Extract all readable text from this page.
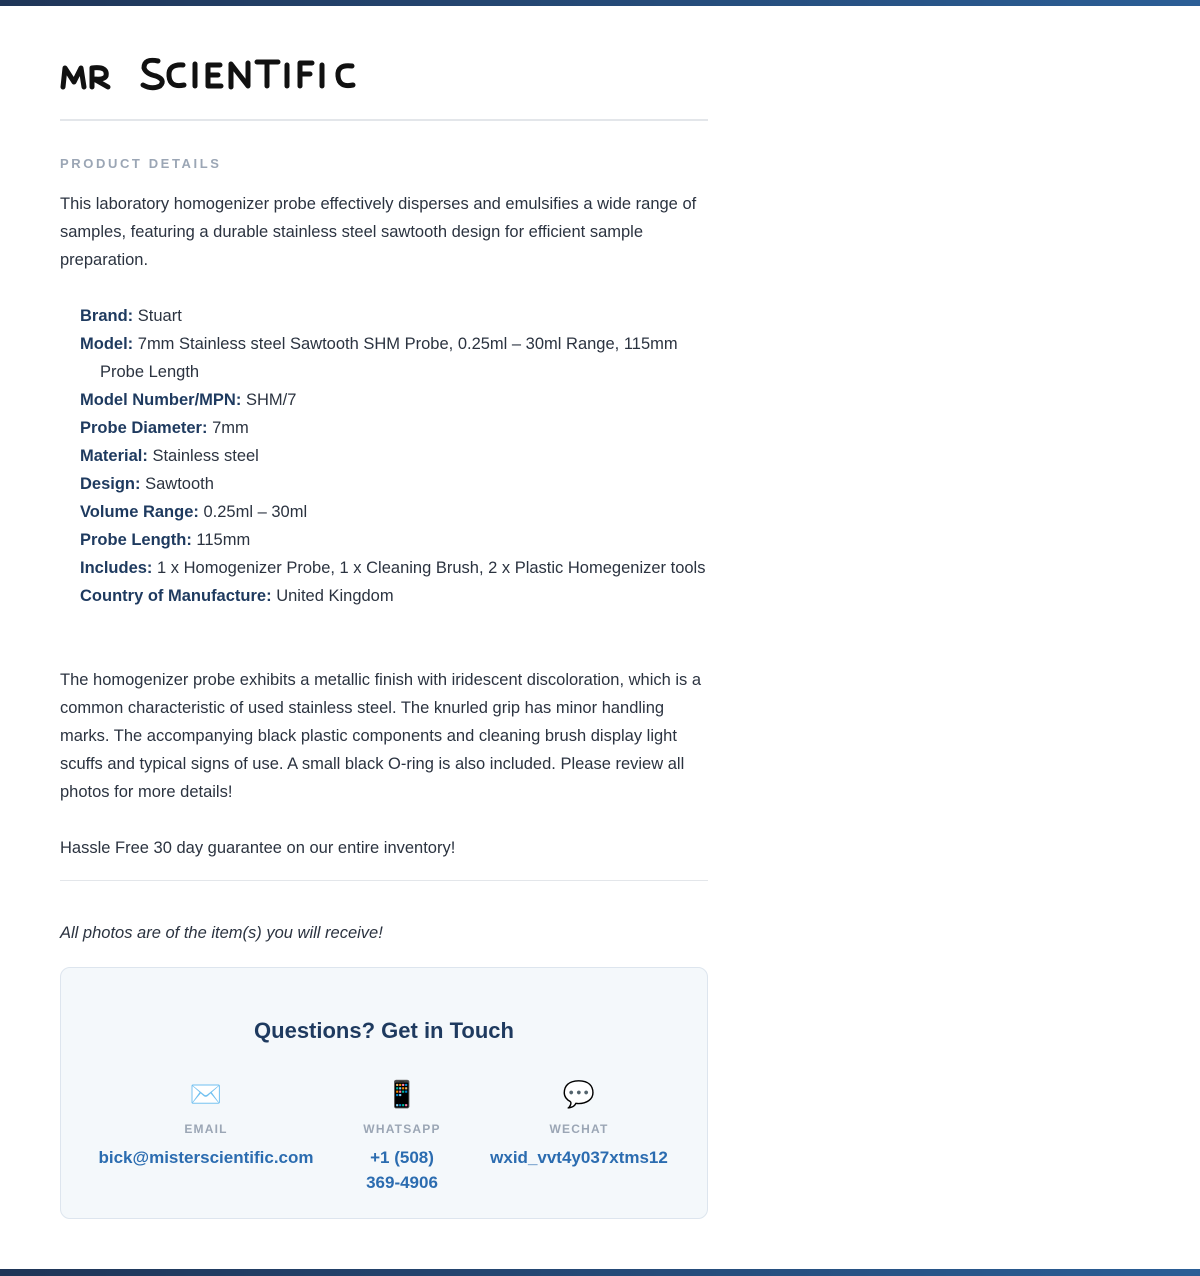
PRODUCT DETAILS

This laboratory homogenizer probe effectively disperses and emulsifies a wide range of samples, featuring a durable stainless steel sawtooth design for efficient sample preparation.

Brand: Stuart
Model: 7mm Stainless steel Sawtooth SHM Probe, 0.25ml – 30ml Range, 115mm Probe Length
Model Number/MPN: SHM/7
Probe Diameter: 7mm
Material: Stainless steel
Design: Sawtooth
Volume Range: 0.25ml – 30ml
Probe Length: 115mm
Includes: 1 x Homogenizer Probe, 1 x Cleaning Brush, 2 x Plastic Homegenizer tools
Country of Manufacture: United Kingdom

The homogenizer probe exhibits a metallic finish with iridescent discoloration, which is a common characteristic of used stainless steel. The knurled grip has minor handling marks. The accompanying black plastic components and cleaning brush display light scuffs and typical signs of use. A small black O-ring is also included. Please review all photos for more details!

Hassle Free 30 day guarantee on our entire inventory!

All photos are of the item(s) you will receive!
Questions? Get in Touch
✉️
EMAIL
bick@misterscientific.com
📱
WHATSAPP
+1 (508) 369-4906
💬
WECHAT
wxid_vvt4y037xtms12
